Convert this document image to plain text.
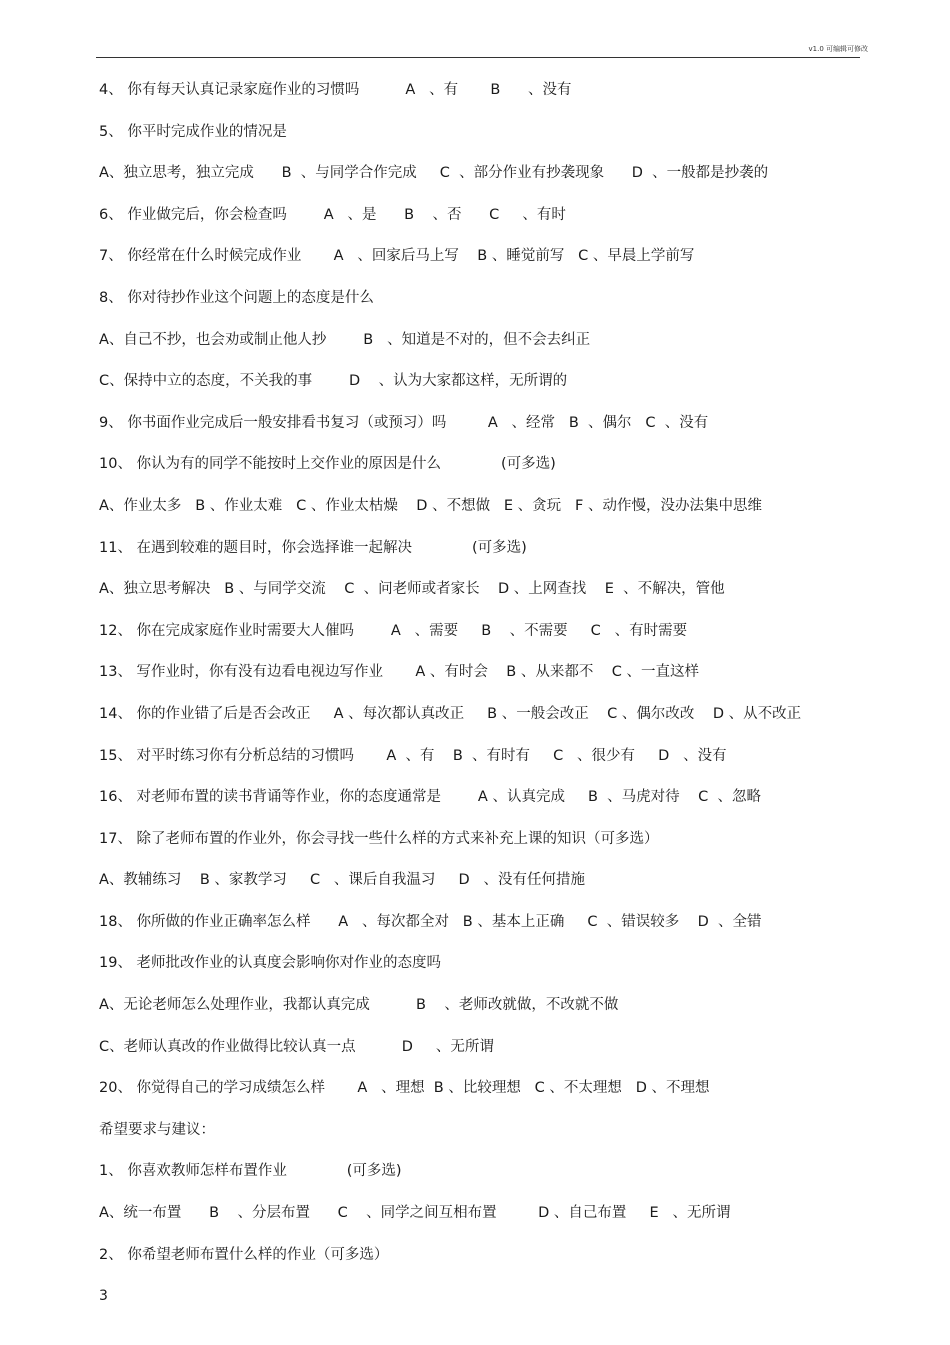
v1.0 可编辑可修改
4、 你有每天认真记录家庭作业的习惯吗          A   、有       B      、没有
5、 你平时完成作业的情况是
A、独立思考，独立完成      B  、与同学合作完成     C  、部分作业有抄袭现象      D  、一般都是抄袭的
6、 作业做完后，你会检查吗        A   、是      B    、否      C     、有时
7、 你经常在什么时候完成作业       A   、回家后马上写    B 、睡觉前写   C 、早晨上学前写
8、 你对待抄作业这个问题上的态度是什么
A、自己不抄，也会劝或制止他人抄        B   、知道是不对的，但不会去纠正
C、保持中立的态度，不关我的事        D    、认为大家都这样，无所谓的
9、 你书面作业完成后一般安排看书复习（或预习）吗         A   、经常   B  、偶尔   C  、没有
10、 你认为有的同学不能按时上交作业的原因是什么             (可多选)
A、作业太多   B 、作业太难   C 、作业太枯燥    D 、不想做   E 、贪玩   F 、动作慢，没办法集中思维
11、 在遇到较难的题目时，你会选择谁一起解决             (可多选)
A、独立思考解决   B 、与同学交流    C  、问老师或者家长    D 、上网查找    E  、不解决，管他
12、 你在完成家庭作业时需要大人催吗        A   、需要     B    、不需要     C   、有时需要
13、 写作业时，你有没有边看电视边写作业       A 、有时会    B 、从来都不    C 、一直这样
14、 你的作业错了后是否会改正     A 、每次都认真改正     B 、一般会改正    C 、偶尔改改    D 、从不改正
15、 对平时练习你有分析总结的习惯吗       A  、有    B  、有时有     C   、很少有     D   、没有
16、 对老师布置的读书背诵等作业，你的态度通常是        A 、认真完成     B  、马虎对待    C  、忽略
17、 除了老师布置的作业外，你会寻找一些什么样的方式来补充上课的知识（可多选）
A、教辅练习    B 、家教学习     C   、课后自我温习     D   、没有任何措施
18、 你所做的作业正确率怎么样      A   、每次都全对   B 、基本上正确     C  、错误较多    D  、全错
19、 老师批改作业的认真度会影响你对作业的态度吗
A、无论老师怎么处理作业，我都认真完成          B    、老师改就做，不改就不做
C、老师认真改的作业做得比较认真一点          D     、无所谓
20、 你觉得自己的学习成绩怎么样       A   、理想  B 、比较理想   C 、不太理想   D 、不理想
希望要求与建议：
1、 你喜欢教师怎样布置作业             (可多选)
A、统一布置      B    、分层布置      C    、同学之间互相布置         D 、自己布置     E   、无所谓
2、 你希望老师布置什么样的作业（可多选）
3
